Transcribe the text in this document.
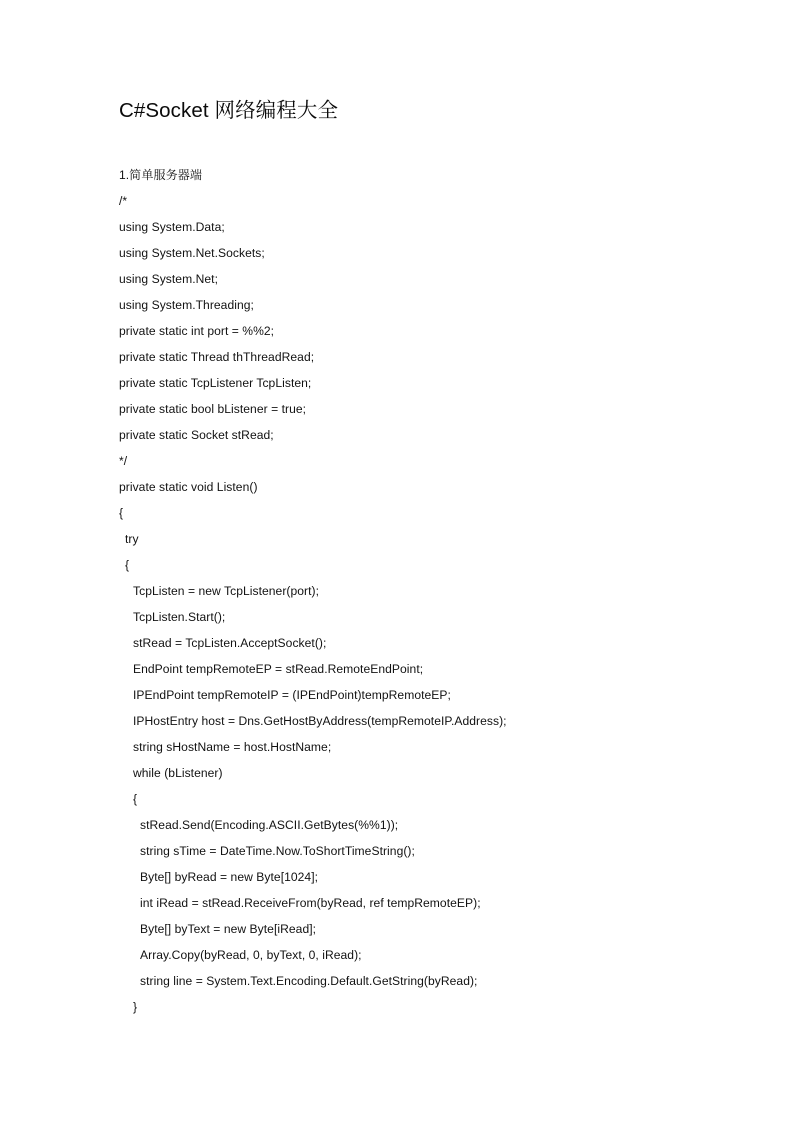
C#Socket 网络编程大全
1.简单服务器端
/*
using System.Data;
using System.Net.Sockets;
using System.Net;
using System.Threading;
private static int port = %%2;
private static Thread thThreadRead;
private static TcpListener TcpListen;
private static bool bListener = true;
private static Socket stRead;
*/
private static void Listen()
{
try
{
TcpListen = new TcpListener(port);
TcpListen.Start();
stRead = TcpListen.AcceptSocket();
EndPoint tempRemoteEP = stRead.RemoteEndPoint;
IPEndPoint tempRemoteIP = (IPEndPoint)tempRemoteEP;
IPHostEntry host = Dns.GetHostByAddress(tempRemoteIP.Address);
string sHostName = host.HostName;
while (bListener)
{
stRead.Send(Encoding.ASCII.GetBytes(%%1));
string sTime = DateTime.Now.ToShortTimeString();
Byte[] byRead = new Byte[1024];
int iRead = stRead.ReceiveFrom(byRead, ref tempRemoteEP);
Byte[] byText = new Byte[iRead];
Array.Copy(byRead, 0, byText, 0, iRead);
string line = System.Text.Encoding.Default.GetString(byRead);
}
